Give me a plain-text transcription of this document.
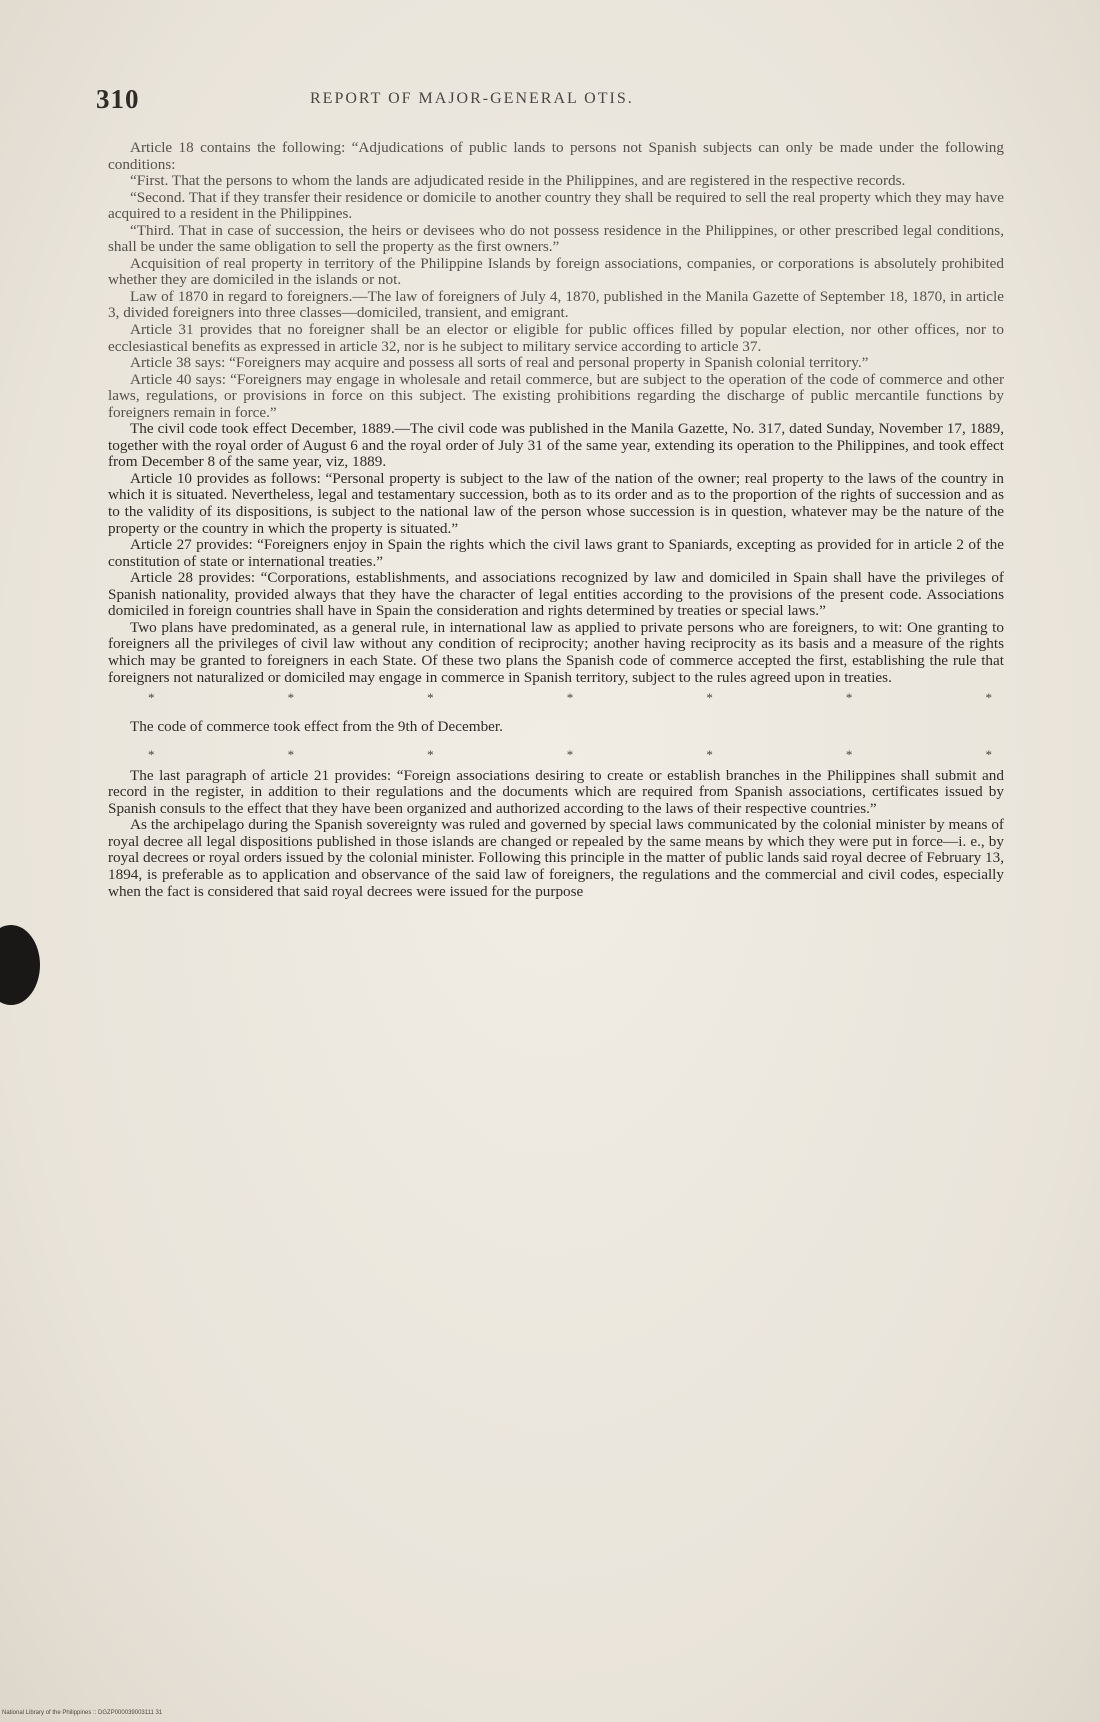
310	REPORT OF MAJOR-GENERAL OTIS.

Article 18 contains the following: “Adjudications of public lands to persons not Spanish subjects can only be made under the following conditions:

“First. That the persons to whom the lands are adjudicated reside in the Philippines, and are registered in the respective records.

“Second. That if they transfer their residence or domicile to another country they shall be required to sell the real property which they may have acquired to a resident in the Philippines.

“Third. That in case of succession, the heirs or devisees who do not possess residence in the Philippines, or other prescribed legal conditions, shall be under the same obligation to sell the property as the first owners.”

Acquisition of real property in territory of the Philippine Islands by foreign associations, companies, or corporations is absolutely prohibited whether they are domiciled in the islands or not.

Law of 1870 in regard to foreigners.—The law of foreigners of July 4, 1870, published in the Manila Gazette of September 18, 1870, in article 3, divided foreigners into three classes—domiciled, transient, and emigrant.

Article 31 provides that no foreigner shall be an elector or eligible for public offices filled by popular election, nor other offices, nor to ecclesiastical benefits as expressed in article 32, nor is he subject to military service according to article 37.

Article 38 says: “Foreigners may acquire and possess all sorts of real and personal property in Spanish colonial territory.”

Article 40 says: “Foreigners may engage in wholesale and retail commerce, but are subject to the operation of the code of commerce and other laws, regulations, or provisions in force on this subject. The existing prohibitions regarding the discharge of public mercantile functions by foreigners remain in force.”

The civil code took effect December, 1889.—The civil code was published in the Manila Gazette, No. 317, dated Sunday, November 17, 1889, together with the royal order of August 6 and the royal order of July 31 of the same year, extending its operation to the Philippines, and took effect from December 8 of the same year, viz, 1889.

Article 10 provides as follows: “Personal property is subject to the law of the nation of the owner; real property to the laws of the country in which it is situated. Nevertheless, legal and testamentary succession, both as to its order and as to the proportion of the rights of succession and as to the validity of its dispositions, is subject to the national law of the person whose succession is in question, whatever may be the nature of the property or the country in which the property is situated.”

Article 27 provides: “Foreigners enjoy in Spain the rights which the civil laws grant to Spaniards, excepting as provided for in article 2 of the constitution of state or international treaties.”

Article 28 provides: “Corporations, establishments, and associations recognized by law and domiciled in Spain shall have the privileges of Spanish nationality, provided always that they have the character of legal entities according to the provisions of the present code. Associations domiciled in foreign countries shall have in Spain the consideration and rights determined by treaties or special laws.”

Two plans have predominated, as a general rule, in international law as applied to private persons who are foreigners, to wit: One granting to foreigners all the privileges of civil law without any condition of reciprocity; another having reciprocity as its basis and a measure of the rights which may be granted to foreigners in each State. Of these two plans the Spanish code of commerce accepted the first, establishing the rule that foreigners not naturalized or domiciled may engage in commerce in Spanish territory, subject to the rules agreed upon in treaties.

*	*	*	*	*	*	*

The code of commerce took effect from the 9th of December.

*	*	*	*	*	*	*

The last paragraph of article 21 provides: “Foreign associations desiring to create or establish branches in the Philippines shall submit and record in the register, in addition to their regulations and the documents which are required from Spanish associations, certificates issued by Spanish consuls to the effect that they have been organized and authorized according to the laws of their respective countries.”

As the archipelago during the Spanish sovereignty was ruled and governed by special laws communicated by the colonial minister by means of royal decree all legal dispositions published in those islands are changed or repealed by the same means by which they were put in force—i. e., by royal decrees or royal orders issued by the colonial minister. Following this principle in the matter of public lands said royal decree of February 13, 1894, is preferable as to application and observance of the said law of foreigners, the regulations and the commercial and civil codes, especially when the fact is considered that said royal decrees were issued for the purpose

National Library of the Philippines :: DGZP000039003111 31
